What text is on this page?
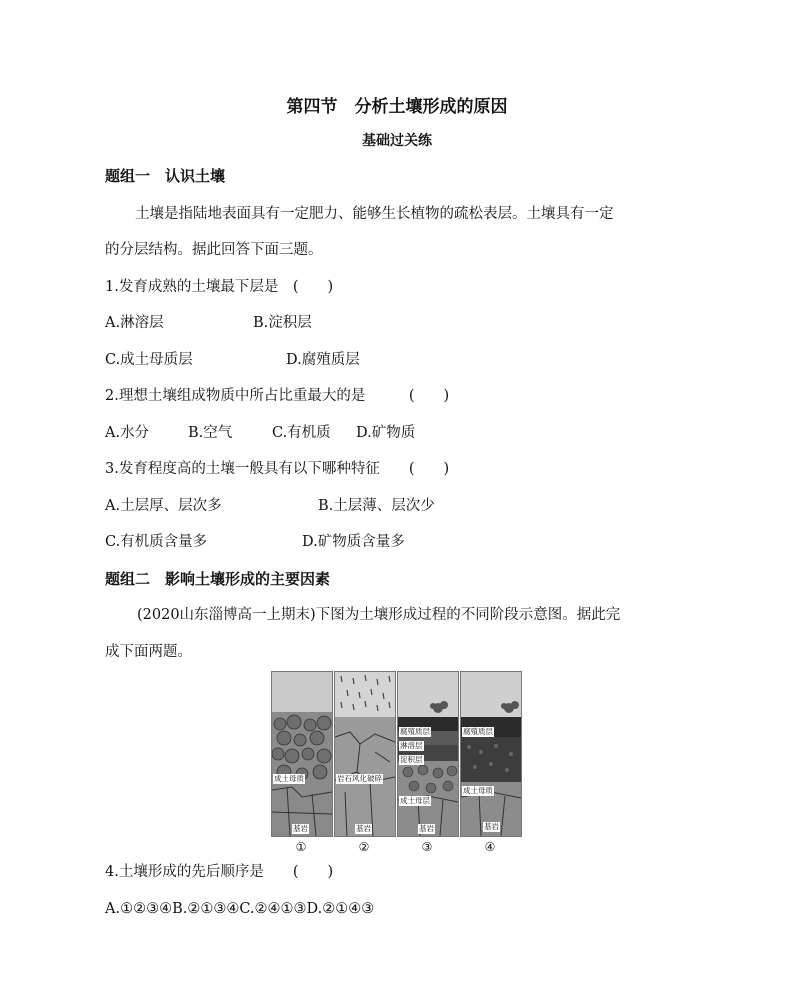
第四节　分析土壤形成的原因
基础过关练
题组一　认识土壤
土壤是指陆地表面具有一定肥力、能够生长植物的疏松表层。土壤具有一定
的分层结构。据此回答下面三题。
1.发育成熟的土壤最下层是　(　　)
A.淋溶层	B.淀积层
C.成土母质层	D.腐殖质层
2.理想土壤组成物质中所占比重最大的是　　　(　　)
A.水分	B.空气	C.有机质 D.矿物质
3.发育程度高的土壤一般具有以下哪种特征　　(　　)
A.土层厚、层次多	B.土层薄、层次少
C.有机质含量多	D.矿物质含量多
题组二　影响土壤形成的主要因素
(2020山东淄博高一上期末)下图为土壤形成过程的不同阶段示意图。据此完
成下面两题。
成土母质
基岩
岩石风化破碎
基岩
腐殖质层
淋溶层
淀积层
成土母层
基岩
腐殖质层
成土母质
基岩
①	②	③	④
4.土壤形成的先后顺序是　　(　　)
A.①②③④B.②①③④C.②④①③D.②①④③
